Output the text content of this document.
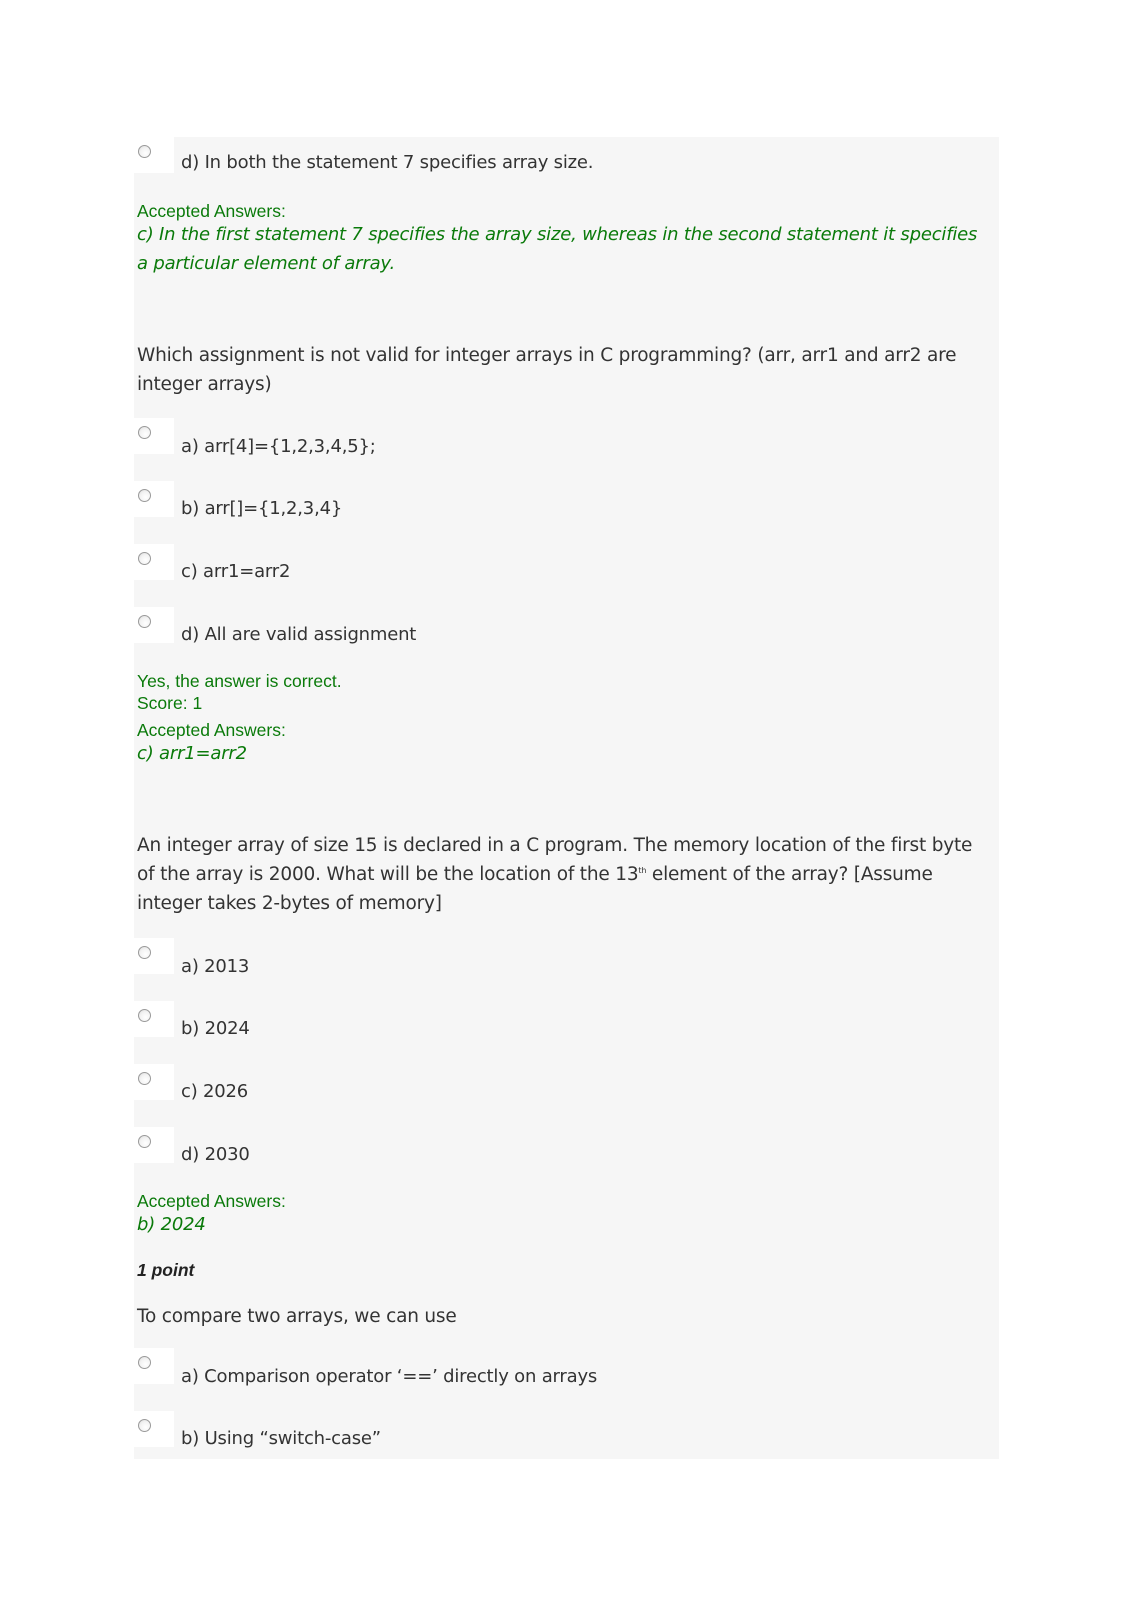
d) In both the statement 7 specifies array size.
Accepted Answers:
c) In the first statement 7 specifies the array size, whereas in the second statement it specifies a particular element of array.
Which assignment is not valid for integer arrays in C programming? (arr, arr1 and arr2 are integer arrays)
a) arr[4]={1,2,3,4,5};
b) arr[]={1,2,3,4}
c) arr1=arr2
d) All are valid assignment
Yes, the answer is correct.
Score: 1
Accepted Answers:
c) arr1=arr2
An integer array of size 15 is declared in a C program. The memory location of the first byte of the array is 2000. What will be the location of the 13th element of the array? [Assume integer takes 2-bytes of memory]
a) 2013
b) 2024
c) 2026
d) 2030
Accepted Answers:
b) 2024
1 point
To compare two arrays, we can use
a) Comparison operator ‘==’ directly on arrays
b) Using “switch-case”
